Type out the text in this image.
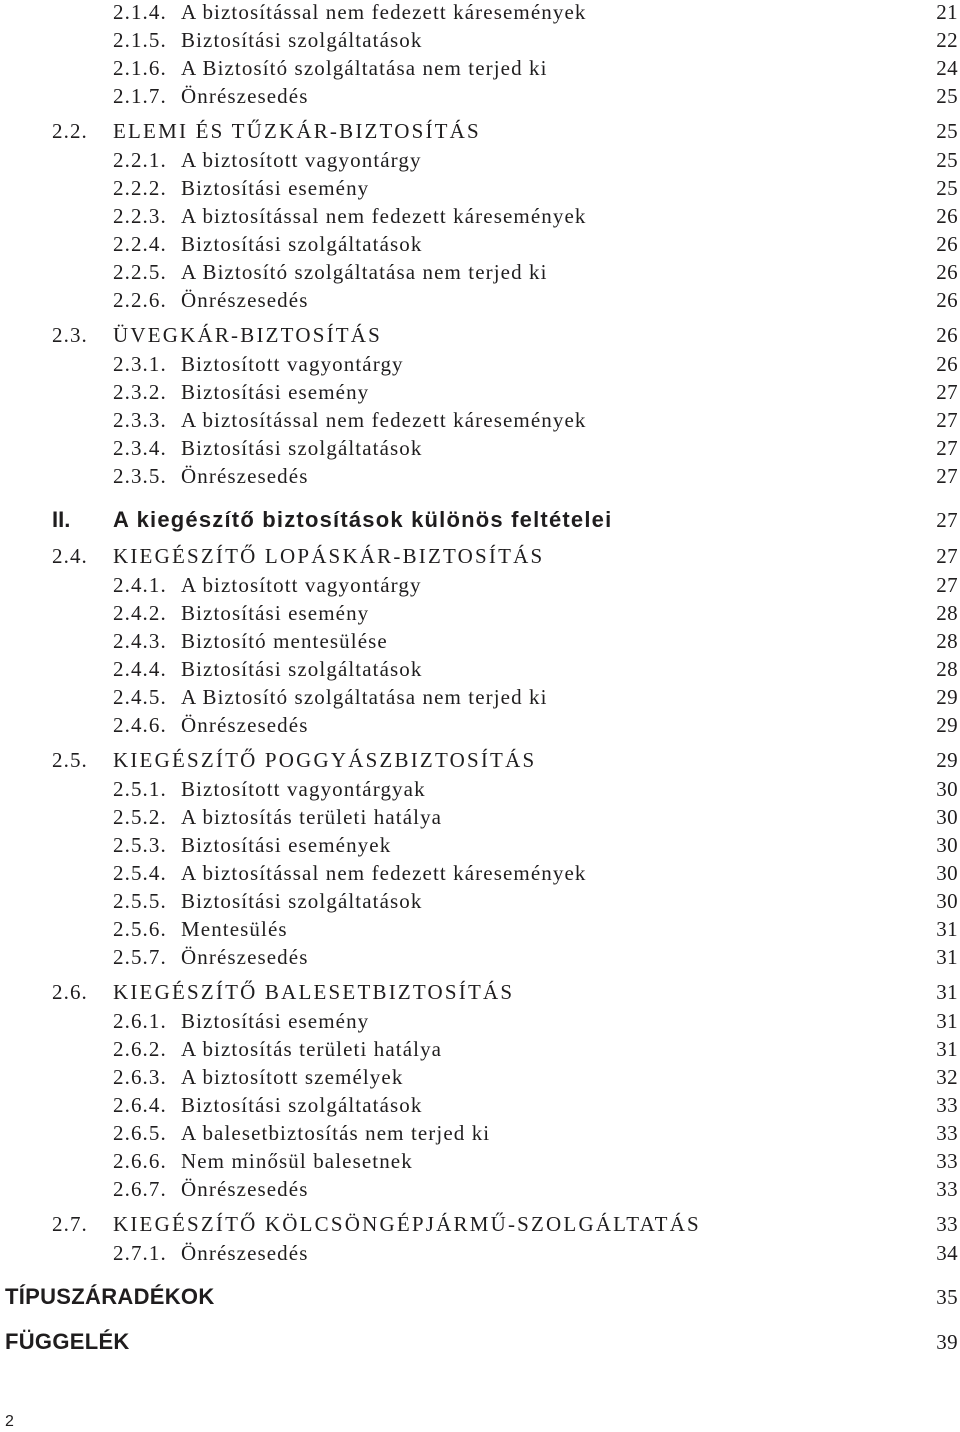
2.1.4. A biztosítással nem fedezett káresemények	21
2.1.5. Biztosítási szolgáltatások	22
2.1.6. A Biztosító szolgáltatása nem terjed ki	24
2.1.7. Önrészesedés	25
2.2. ELEMI ÉS TŰZKÁR-BIZTOSÍTÁS	25
2.2.1. A biztosított vagyontárgy	25
2.2.2. Biztosítási esemény	25
2.2.3. A biztosítással nem fedezett káresemények	26
2.2.4. Biztosítási szolgáltatások	26
2.2.5. A Biztosító szolgáltatása nem terjed ki	26
2.2.6. Önrészesedés	26
2.3. ÜVEGKÁR-BIZTOSÍTÁS	26
2.3.1. Biztosított vagyontárgy	26
2.3.2. Biztosítási esemény	27
2.3.3. A biztosítással nem fedezett káresemények	27
2.3.4. Biztosítási szolgáltatások	27
2.3.5. Önrészesedés	27
II. A kiegészítő biztosítások különös feltételei	27
2.4. KIEGÉSZÍTŐ LOPÁSKÁR-BIZTOSÍTÁS	27
2.4.1. A biztosított vagyontárgy	27
2.4.2. Biztosítási esemény	28
2.4.3. Biztosító mentesülése	28
2.4.4. Biztosítási szolgáltatások	28
2.4.5. A Biztosító szolgáltatása nem terjed ki	29
2.4.6. Önrészesedés	29
2.5. KIEGÉSZÍTŐ POGGYÁSZBIZTOSÍTÁS	29
2.5.1. Biztosított vagyontárgyak	30
2.5.2. A biztosítás területi hatálya	30
2.5.3. Biztosítási események	30
2.5.4. A biztosítással nem fedezett káresemények	30
2.5.5. Biztosítási szolgáltatások	30
2.5.6. Mentesülés	31
2.5.7. Önrészesedés	31
2.6. KIEGÉSZÍTŐ BALESETBIZTOSÍTÁS	31
2.6.1. Biztosítási esemény	31
2.6.2. A biztosítás területi hatálya	31
2.6.3. A biztosított személyek	32
2.6.4. Biztosítási szolgáltatások	33
2.6.5. A balesetbiztosítás nem terjed ki	33
2.6.6. Nem minősül balesetnek	33
2.6.7. Önrészesedés	33
2.7. KIEGÉSZÍTŐ KÖLCSÖNGÉPJÁRMŰ-SZOLGÁLTATÁS	33
2.7.1. Önrészesedés	34
TÍPUSZÁRADÉKOK	35
FÜGGELÉK	39
2
